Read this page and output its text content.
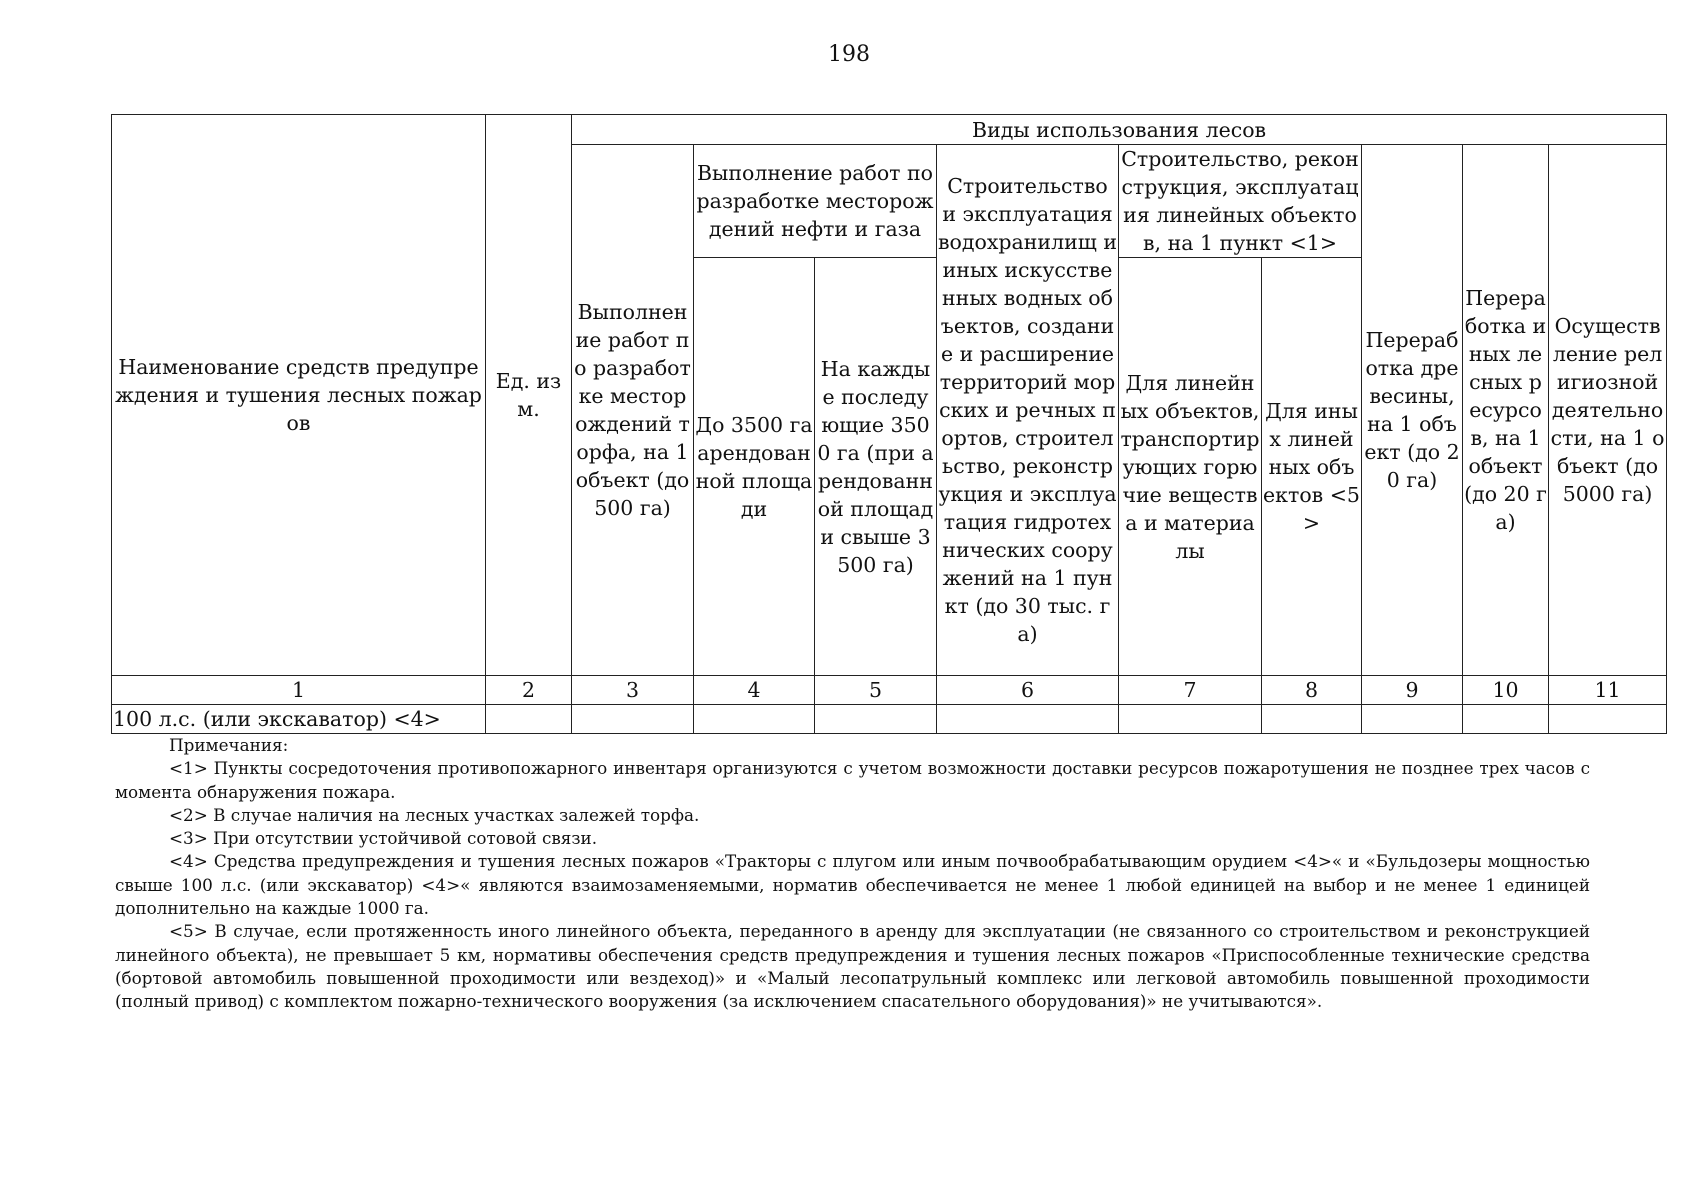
198
Наименование средств предупреждения и тушения лесных пожаров	Ед. изм.	Виды использования лесов								
		Выполнение работ по разработке месторождений торфа, на 1 объект (до 500 га)	Выполнение работ по разработке месторождений нефти и газа		Строительство и эксплуатация водохранилищ и иных искусственных водных объектов, создание и расширение территорий морских и речных портов, строительство, реконструкция и эксплуатация гидротехнических сооружений на 1 пункт (до 30 тыс. га)	Строительство, реконструкция, эксплуатация линейных объектов, на 1 пункт <1>		Переработка древесины, на 1 объект (до 20 га)	Переработка иных лесных ресурсов, на 1 объект (до 20 га)	Осуществление религиозной деятельности, на 1 объект (до 5000 га)
			До 3500 га арендованной площади	На каждые последующие 3500 га (при арендованной площади свыше 3500 га)		Для линейных объектов, транспортирующих горючие вещества и материалы	Для иных линейных объектов <5>			
1	2	3	4	5	6	7	8	9	10	11
100 л.с. (или экскаватор) <4>										

Примечания:

<1> Пункты сосредоточения противопожарного инвентаря организуются с учетом возможности доставки ресурсов пожаротушения не позднее трех часов с момента обнаружения пожара.

<2> В случае наличия на лесных участках залежей торфа.

<3> При отсутствии устойчивой сотовой связи.

<4> Средства предупреждения и тушения лесных пожаров «Тракторы с плугом или иным почвообрабатывающим орудием <4>« и «Бульдозеры мощностью свыше 100 л.с. (или экскаватор) <4>« являются взаимозаменяемыми, норматив обеспечивается не менее 1 любой единицей на выбор и не менее 1 единицей дополнительно на каждые 1000 га.

<5> В случае, если протяженность иного линейного объекта, переданного в аренду для эксплуатации (не связанного со строительством и реконструкцией линейного объекта), не превышает 5 км, нормативы обеспечения средств предупреждения и тушения лесных пожаров «Приспособленные технические средства (бортовой автомобиль повышенной проходимости или вездеход)» и «Малый лесопатрульный комплекс или легковой автомобиль повышенной проходимости (полный привод) с комплектом пожарно-технического вооружения (за исключением спасательного оборудования)» не учитываются».
